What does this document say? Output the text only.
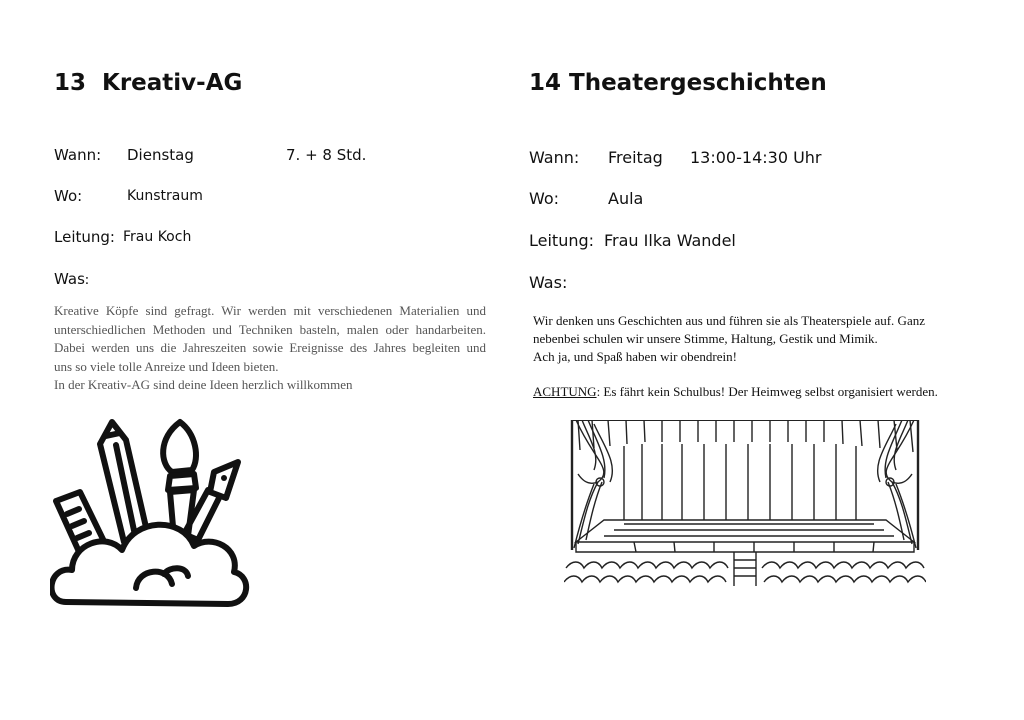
13 Kreativ-AG
Wann: Dienstag	7. + 8 Std.
Wo:	Kunstraum
Leitung: Frau Koch
Was:

Kreative Köpfe sind gefragt. Wir werden mit verschiedenen Materialien und

unterschiedlichen Methoden und Techniken basteln, malen oder handarbeiten.

Dabei werden uns die Jahreszeiten sowie Ereignisse des Jahres begleiten und

uns so viele tolle Anreize und Ideen bieten.

In der Kreativ-AG sind deine Ideen herzlich willkommen

14 Theatergeschichten
Wann: Freitag 13:00-14:30 Uhr
Wo:	Aula
Leitung: Frau Ilka Wandel
Was:

Wir denken uns Geschichten aus und führen sie als Theaterspiele auf. Ganz

nebenbei schulen wir unsere Stimme, Haltung, Gestik und Mimik.

Ach ja, und Spaß haben wir obendrein!

ACHTUNG: Es fährt kein Schulbus! Der Heimweg selbst organisiert werden.
